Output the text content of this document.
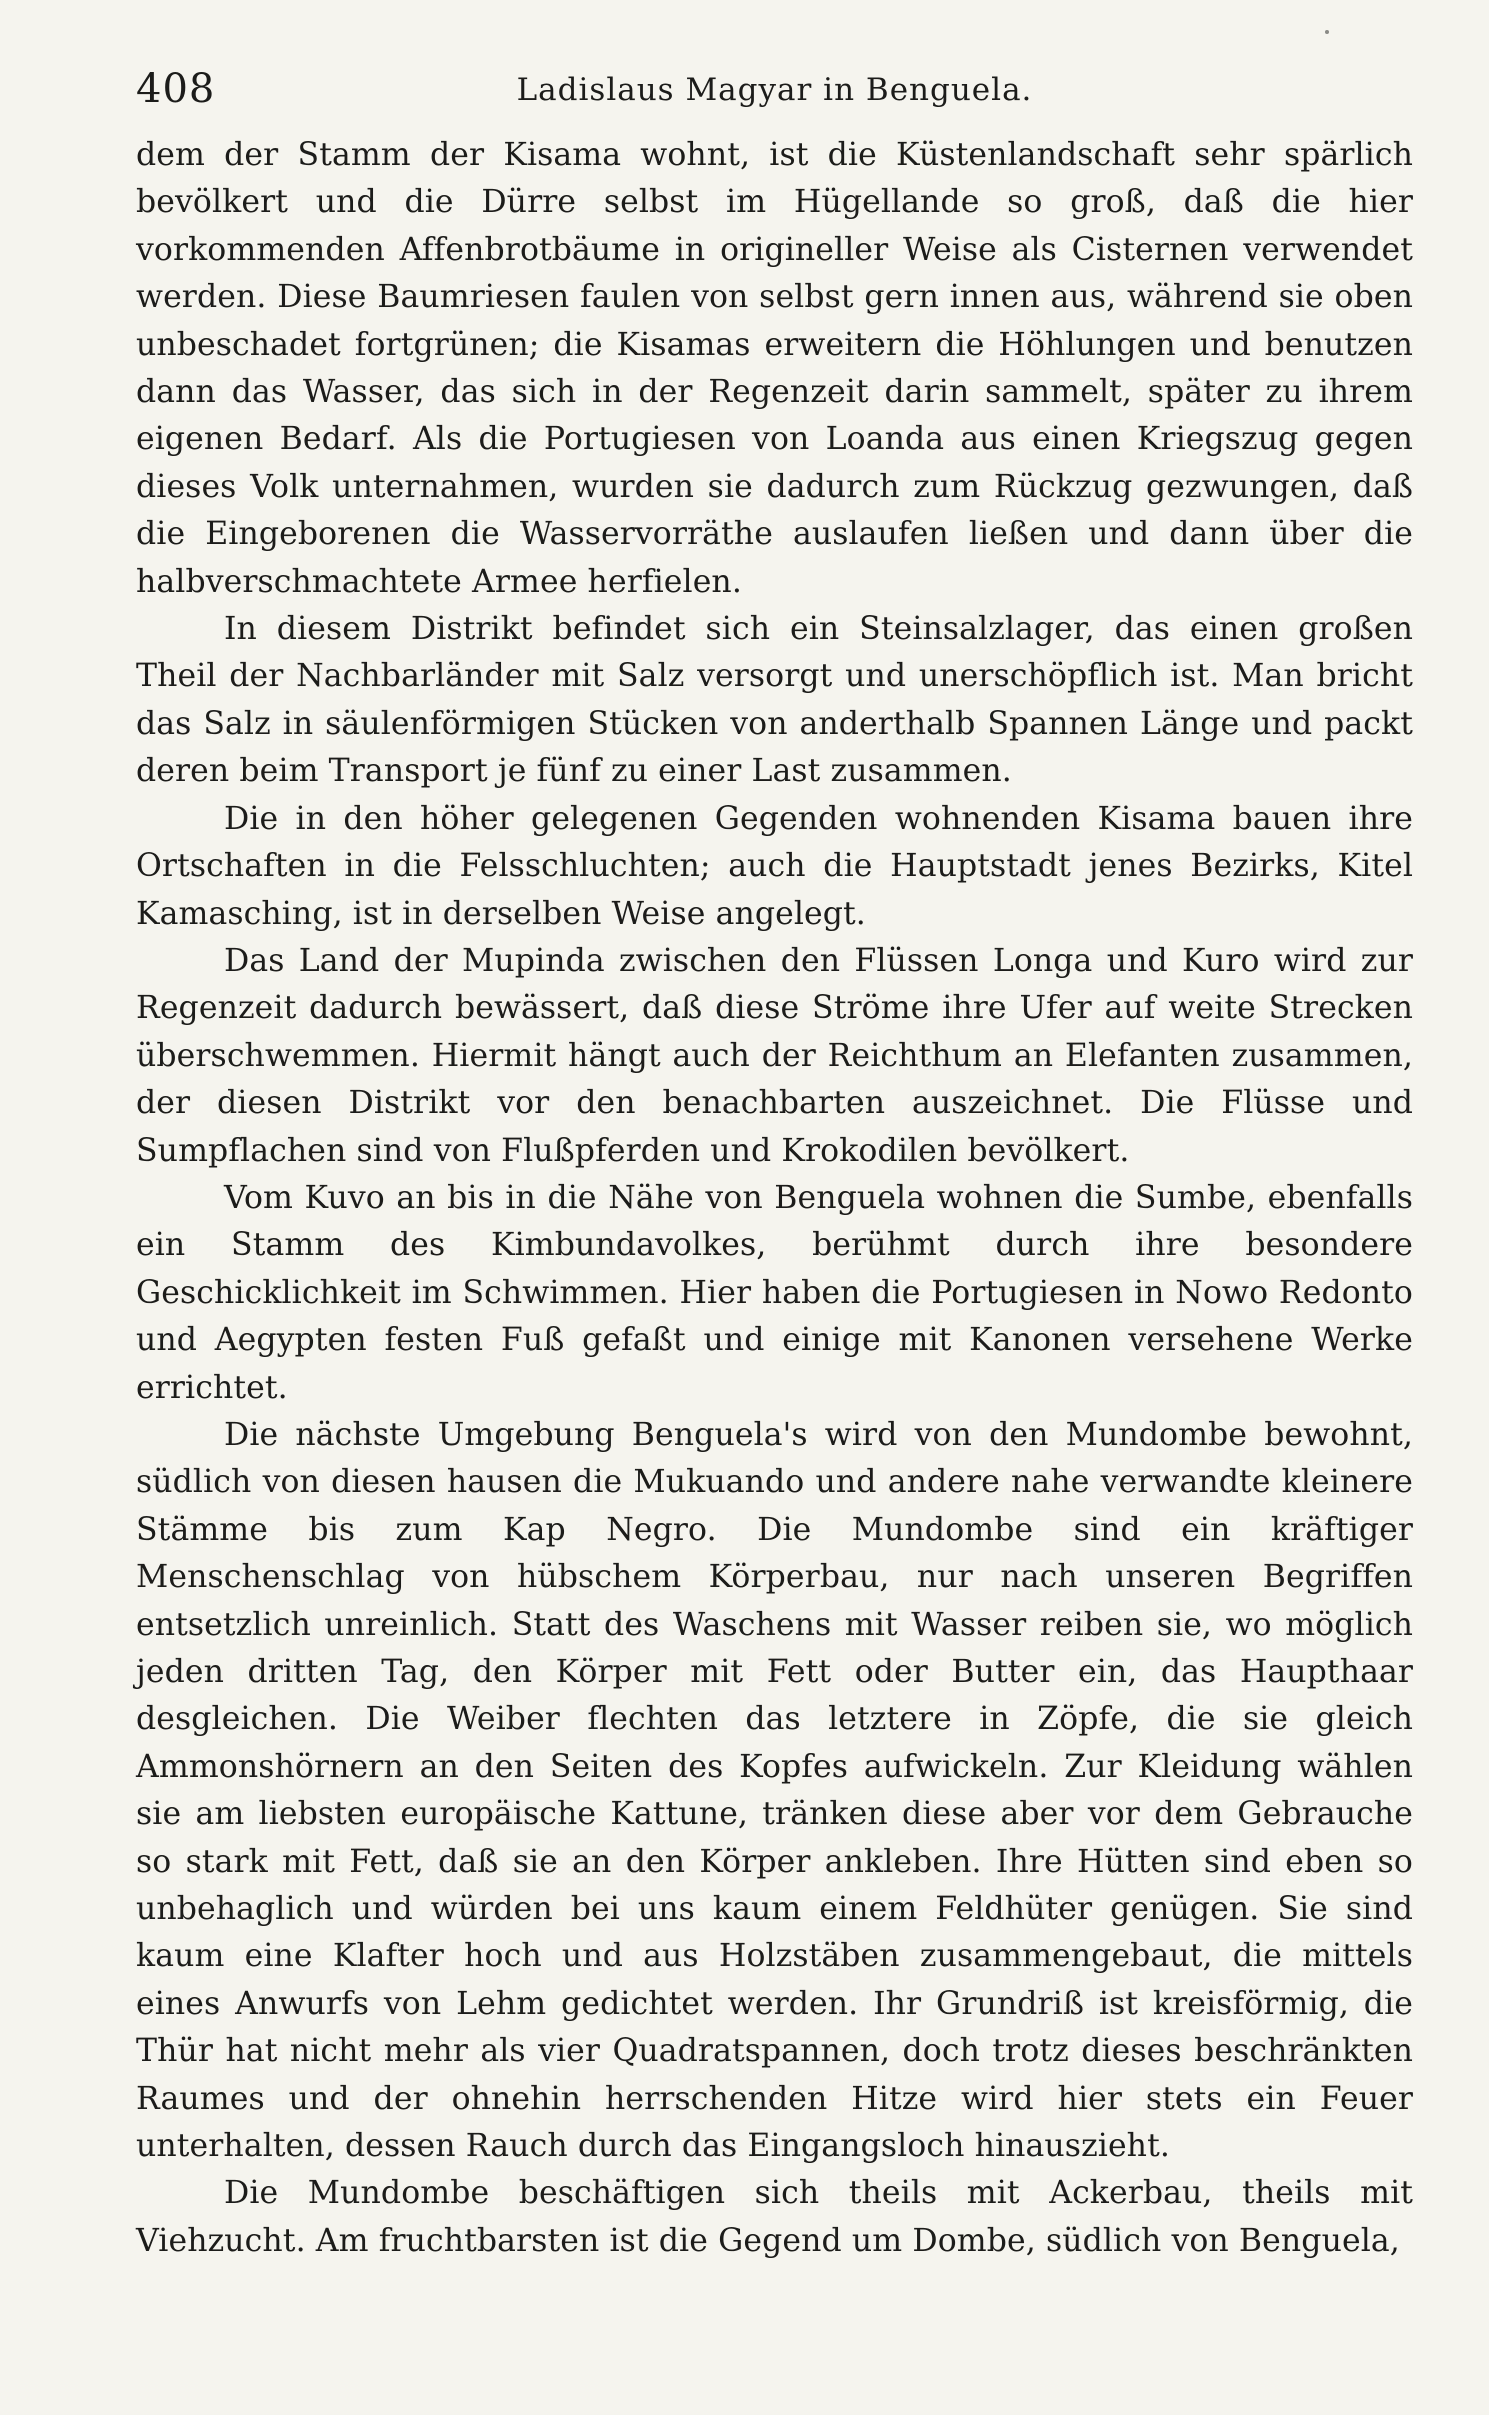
408	Ladislaus Magyar in Benguela.

dem der Stamm der Kisama wohnt, ist die Küstenlandschaft sehr spärlich bevölkert und die Dürre selbst im Hügellande so groß, daß die hier vorkommenden Affenbrotbäume in origineller Weise als Cisternen verwendet werden. Diese Baumriesen faulen von selbst gern innen aus, während sie oben unbeschadet fortgrünen; die Kisamas erweitern die Höhlungen und benutzen dann das Wasser, das sich in der Regenzeit darin sammelt, später zu ihrem eigenen Bedarf. Als die Portugiesen von Loanda aus einen Kriegszug gegen dieses Volk unternahmen, wurden sie dadurch zum Rückzug gezwungen, daß die Eingeborenen die Wasservorräthe auslaufen ließen und dann über die halbverschmachtete Armee herfielen.

In diesem Distrikt befindet sich ein Steinsalzlager, das einen großen Theil der Nachbarländer mit Salz versorgt und unerschöpflich ist. Man bricht das Salz in säulenförmigen Stücken von anderthalb Spannen Länge und packt deren beim Transport je fünf zu einer Last zusammen.

Die in den höher gelegenen Gegenden wohnenden Kisama bauen ihre Ortschaften in die Felsschluchten; auch die Hauptstadt jenes Bezirks, Kitel Kamasching, ist in derselben Weise angelegt.

Das Land der Mupinda zwischen den Flüssen Longa und Kuro wird zur Regenzeit dadurch bewässert, daß diese Ströme ihre Ufer auf weite Strecken überschwemmen. Hiermit hängt auch der Reichthum an Elefanten zusammen, der diesen Distrikt vor den benachbarten auszeichnet. Die Flüsse und Sumpflachen sind von Flußpferden und Krokodilen bevölkert.

Vom Kuvo an bis in die Nähe von Benguela wohnen die Sumbe, ebenfalls ein Stamm des Kimbundavolkes, berühmt durch ihre besondere Geschicklichkeit im Schwimmen. Hier haben die Portugiesen in Nowo Redonto und Aegypten festen Fuß gefaßt und einige mit Kanonen versehene Werke errichtet.

Die nächste Umgebung Benguela's wird von den Mundombe bewohnt, südlich von diesen hausen die Mukuando und andere nahe verwandte kleinere Stämme bis zum Kap Negro. Die Mundombe sind ein kräftiger Menschenschlag von hübschem Körperbau, nur nach unseren Begriffen entsetzlich unreinlich. Statt des Waschens mit Wasser reiben sie, wo möglich jeden dritten Tag, den Körper mit Fett oder Butter ein, das Haupthaar desgleichen. Die Weiber flechten das letztere in Zöpfe, die sie gleich Ammonshörnern an den Seiten des Kopfes aufwickeln. Zur Kleidung wählen sie am liebsten europäische Kattune, tränken diese aber vor dem Gebrauche so stark mit Fett, daß sie an den Körper ankleben. Ihre Hütten sind eben so unbehaglich und würden bei uns kaum einem Feldhüter genügen. Sie sind kaum eine Klafter hoch und aus Holzstäben zusammengebaut, die mittels eines Anwurfs von Lehm gedichtet werden. Ihr Grundriß ist kreisförmig, die Thür hat nicht mehr als vier Quadratspannen, doch trotz dieses beschränkten Raumes und der ohnehin herrschenden Hitze wird hier stets ein Feuer unterhalten, dessen Rauch durch das Eingangsloch hinauszieht.

Die Mundombe beschäftigen sich theils mit Ackerbau, theils mit Viehzucht. Am fruchtbarsten ist die Gegend um Dombe, südlich von Benguela,
